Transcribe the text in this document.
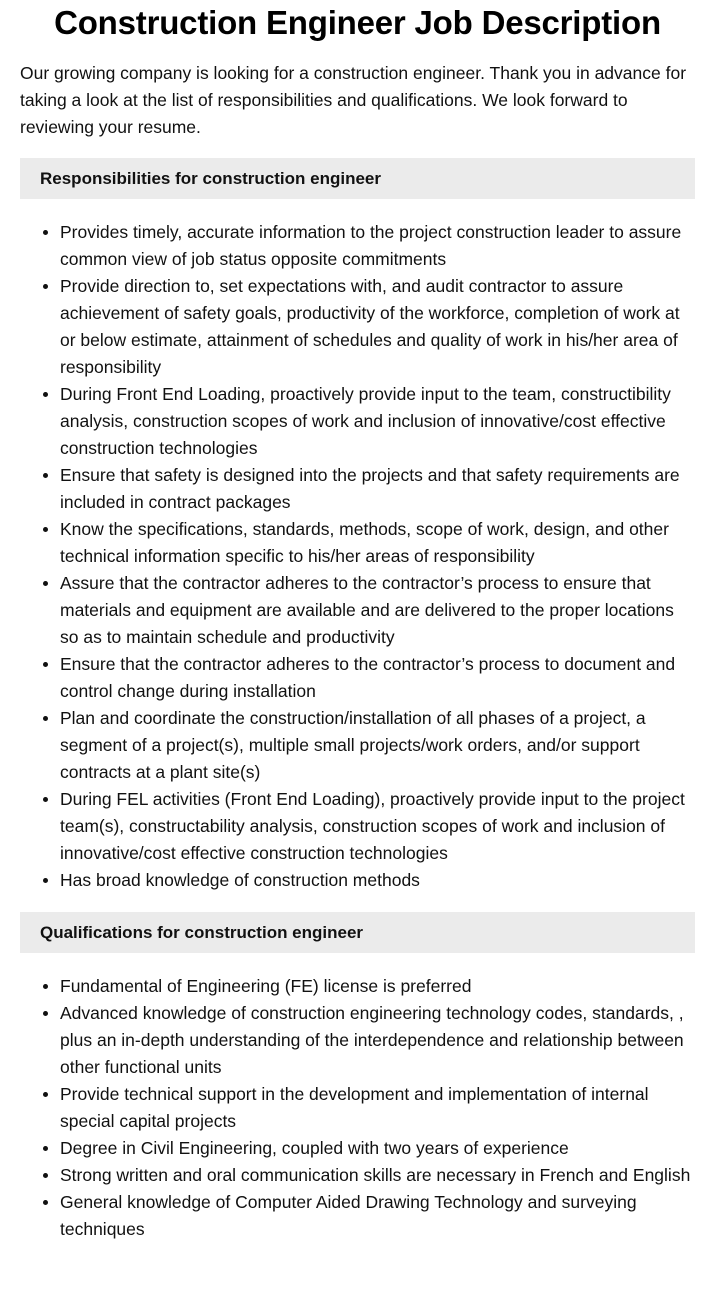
Construction Engineer Job Description

Our growing company is looking for a construction engineer. Thank you in advance for taking a look at the list of responsibilities and qualifications. We look forward to reviewing your resume.

Responsibilities for construction engineer
Provides timely, accurate information to the project construction leader to assure common view of job status opposite commitments
Provide direction to, set expectations with, and audit contractor to assure achievement of safety goals, productivity of the workforce, completion of work at or below estimate, attainment of schedules and quality of work in his/her area of responsibility
During Front End Loading, proactively provide input to the team, constructibility analysis, construction scopes of work and inclusion of innovative/cost effective construction technologies
Ensure that safety is designed into the projects and that safety requirements are included in contract packages
Know the specifications, standards, methods, scope of work, design, and other technical information specific to his/her areas of responsibility
Assure that the contractor adheres to the contractor’s process to ensure that materials and equipment are available and are delivered to the proper locations so as to maintain schedule and productivity
Ensure that the contractor adheres to the contractor’s process to document and control change during installation
Plan and coordinate the construction/installation of all phases of a project, a segment of a project(s), multiple small projects/work orders, and/or support contracts at a plant site(s)
During FEL activities (Front End Loading), proactively provide input to the project team(s), constructability analysis, construction scopes of work and inclusion of innovative/cost effective construction technologies
Has broad knowledge of construction methods
Qualifications for construction engineer
Fundamental of Engineering (FE) license is preferred
Advanced knowledge of construction engineering technology codes, standards, , plus an in-depth understanding of the interdependence and relationship between other functional units
Provide technical support in the development and implementation of internal special capital projects
Degree in Civil Engineering, coupled with two years of experience
Strong written and oral communication skills are necessary in French and English
General knowledge of Computer Aided Drawing Technology and surveying techniques
